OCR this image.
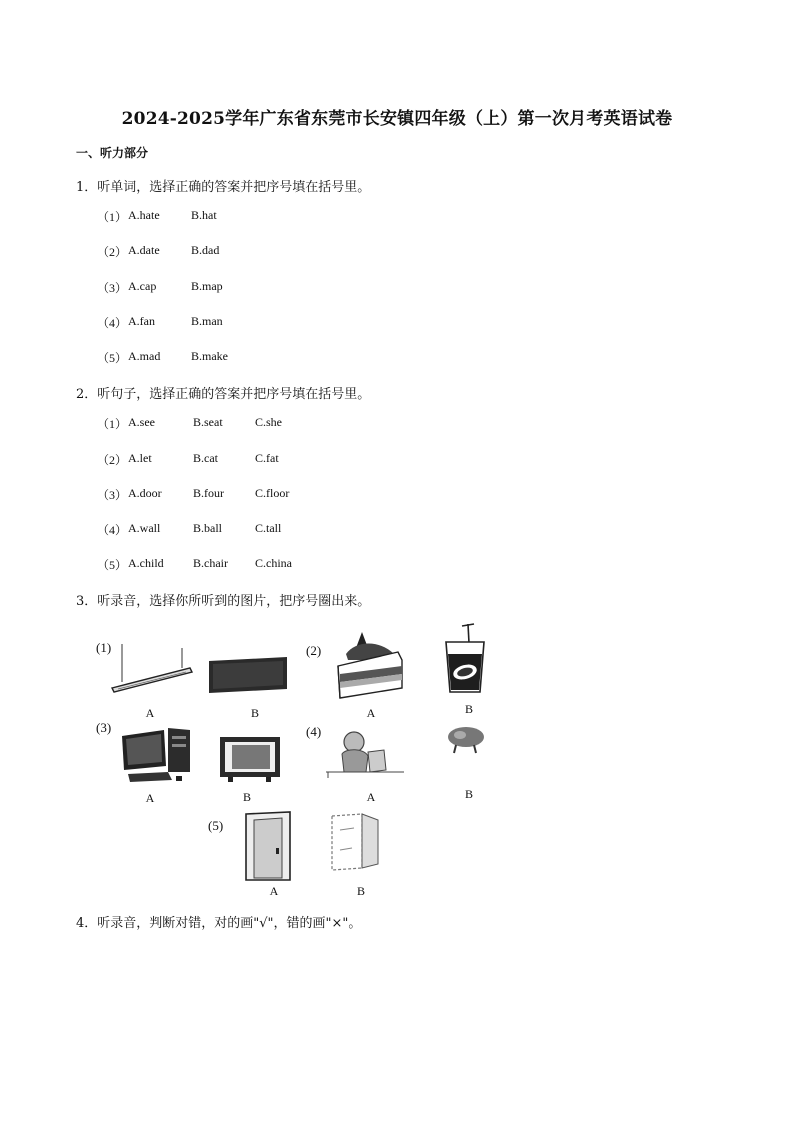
2024-2025学年广东省东莞市长安镇四年级（上）第一次月考英语试卷
一、听力部分
1．听单词，选择正确的答案并把序号填在括号里。
（1） A.hate	B.hat
（2） A.date	B.dad
（3） A.cap	B.map
（4） A.fan	B.man
（5） A.mad	B.make
2．听句子，选择正确的答案并把序号填在括号里。
（1） A.see	B.seat	C.she
（2） A.let	B.cat	C.fat
（3） A.door	B.four	C.floor
（4） A.wall	B.ball	C.tall
（5） A.child B.chair C.china
3．听录音，选择你所听到的图片，把序号圈出来。
(1)
A	B
(2)
A	B
(3)
A	B
(4)
A	B
(5)
A	B
4．听录音，判断对错，对的画"√"，错的画"×"。
